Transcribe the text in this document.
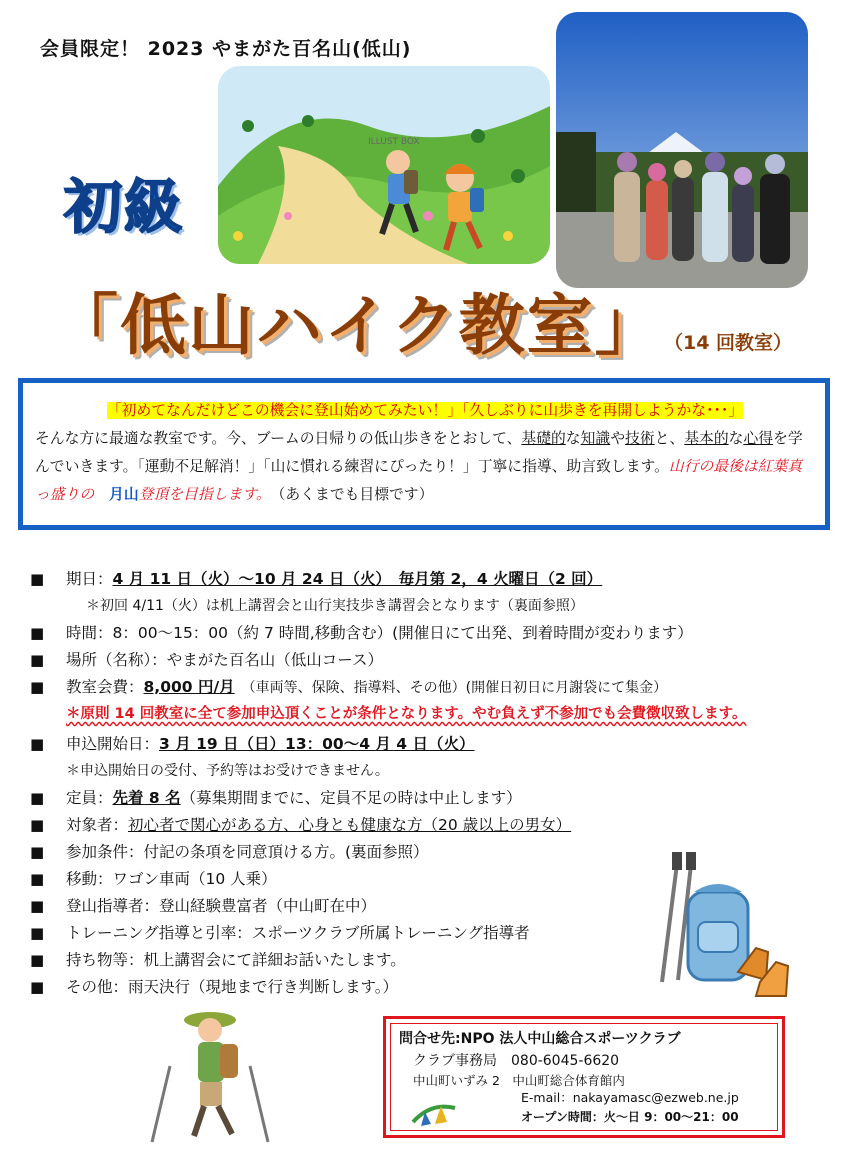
会員限定！ 2023 やまがた百名山(低山)
ILLUST BOX
初級
「低山ハイク教室」 （14 回教室）
「初めてなんだけどこの機会に登山始めてみたい！」「久しぶりに山歩きを再開しようかな･･･」
そんな方に最適な教室です。今、ブームの日帰りの低山歩きをとおして、基礎的な知識や技術と、基本的な心得を学んでいきます。「運動不足解消！」「山に慣れる練習にぴったり！」丁寧に指導、助言致します。山行の最後は紅葉真っ盛りの　 月山登頂を目指します。　 （あくまでも目標です）
■ 期日：4 月 11 日（火）～10 月 24 日（火）　毎月第 2，4 火曜日（2 回）
＊初回 4/11（火）は机上講習会と山行実技歩き講習会となります（裏面参照）
■ 時間：8：00～15：00（約 7 時間,移動含む）(開催日にて出発、到着時間が変わります）
■ 場所（名称）：やまがた百名山（低山コース）
■ 教室会費：8,000 円/月　（車両等、保険、指導料、その他）(開催日初日に月謝袋にて集金）
＊原則 14 回教室に全て参加申込頂くことが条件となります。やむ負えず不参加でも会費徴収致します。
■ 申込開始日：3 月 19 日（日）13：00～4 月 4 日（火）
＊申込開始日の受付、予約等はお受けできません。
■ 定員：先着 8 名（募集期間までに、定員不足の時は中止します）
■ 対象者：初心者で関心がある方、心身とも健康な方（20 歳以上の男女）
■ 参加条件：付記の条項を同意頂ける方。(裏面参照）
■ 移動：ワゴン車両（10 人乗）
■ 登山指導者：登山経験豊富者（中山町在中）
■ トレーニング指導と引率：スポーツクラブ所属トレーニング指導者
■ 持ち物等：机上講習会にて詳細お話いたします。
■ その他：雨天決行（現地まで行き判断します。）
問合せ先:NPO 法人中山総合スポーツクラブ
クラブ事務局　080-6045-6620
中山町いずみ 2　中山町総合体育館内
E-mail：nakayamasc@ezweb.ne.jp
オープン時間：火～日 9：00～21：00
